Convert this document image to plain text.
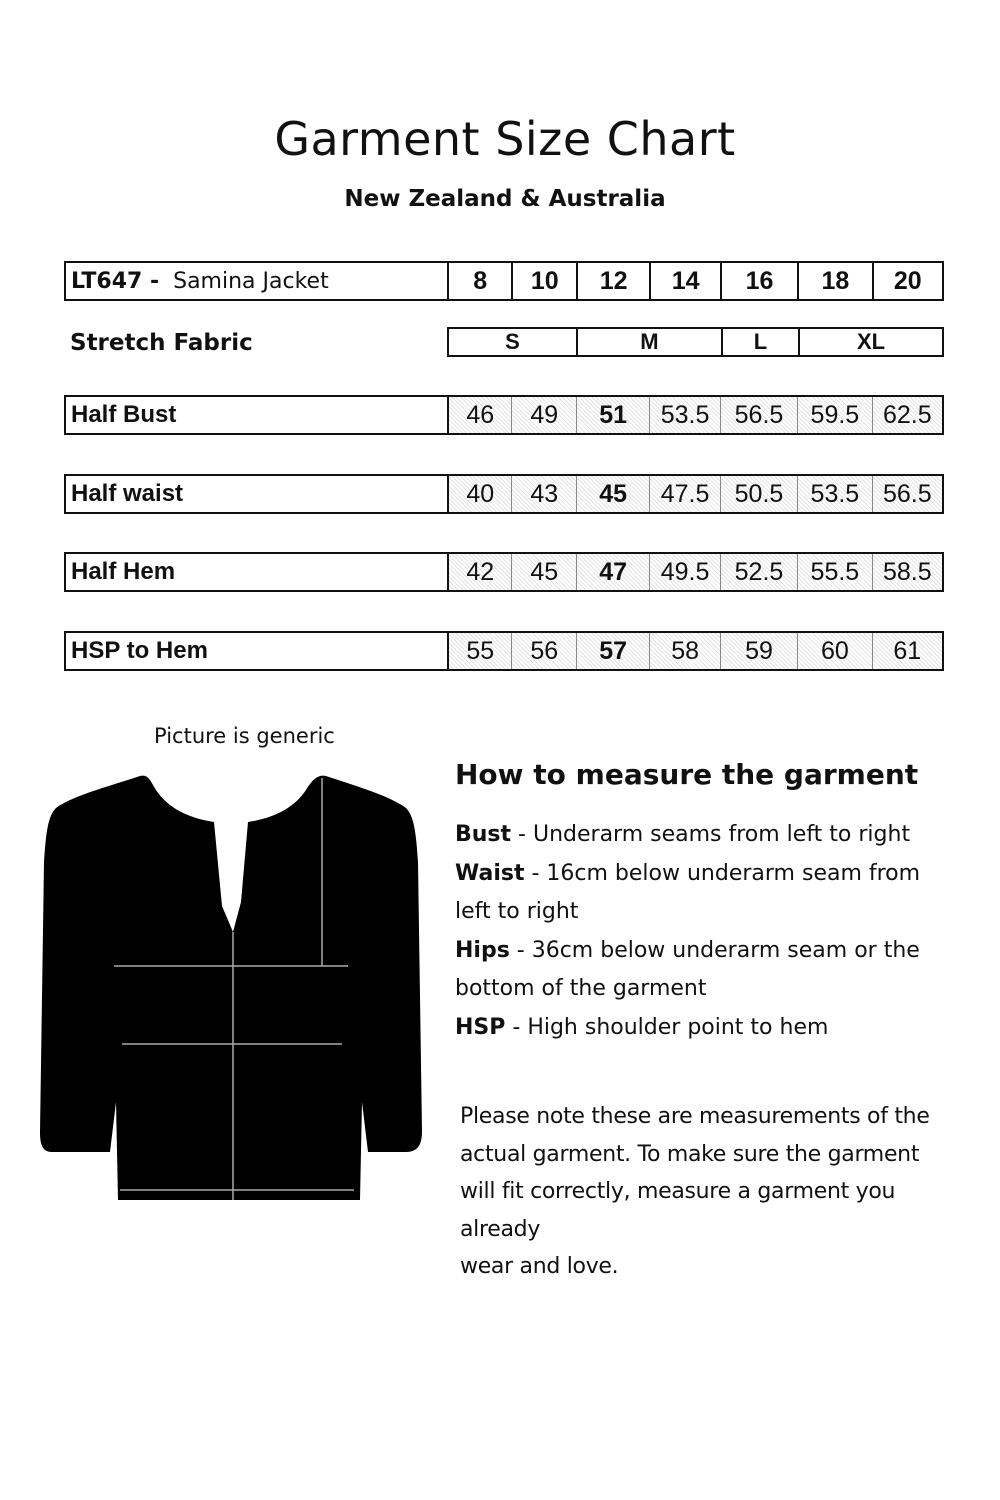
Garment Size Chart
New Zealand & Australia
LT647 - Samina Jacket	8	10	12	14	16	18	20
Stretch Fabric	S	M	L	XL
Half Bust	46	49	51	53.5	56.5	59.5 62.5
Half waist	40	43	45	47.5	50.5	53.5 56.5
Half Hem	42	45	47	49.5	52.5	55.5 58.5
HSP to Hem	55	56	57	58	59	60	61
Picture is generic
How to measure the garment
Bust - Underarm seams from left to right
Waist - 16cm below underarm seam from
left to right
Hips - 36cm below underarm seam or the
bottom of the garment
HSP - High shoulder point to hem
Please note these are measurements of the
actual garment. To make sure the garment
will fit correctly, measure a garment you already
wear and love.
